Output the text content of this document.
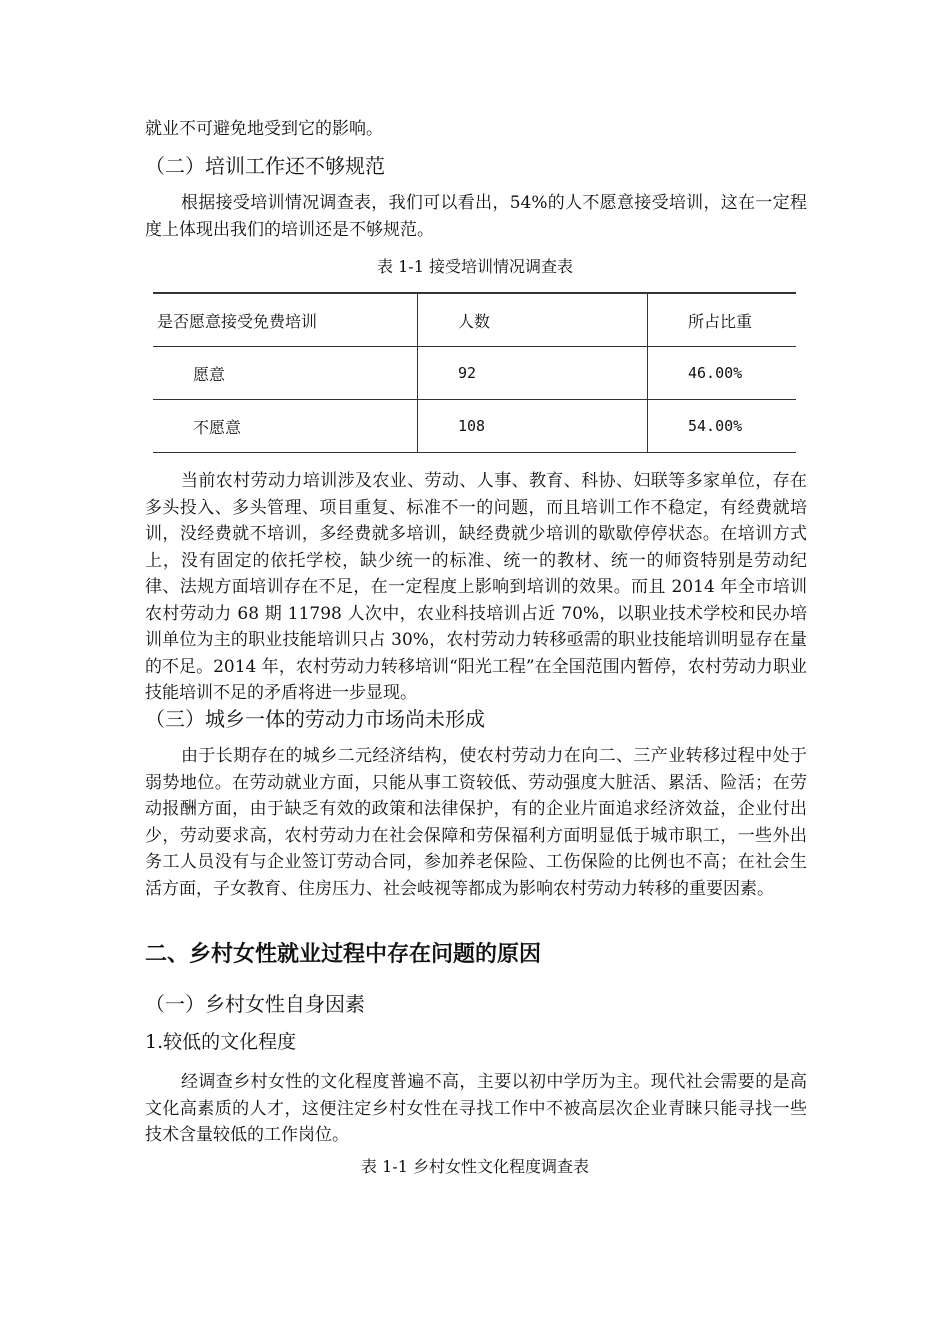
就业不可避免地受到它的影响。
（二）培训工作还不够规范
根据接受培训情况调查表，我们可以看出，54%的人不愿意接受培训，这在一定程度上体现出我们的培训还是不够规范。
表 1-1 接受培训情况调查表
是否愿意接受免费培训	人数	所占比重
愿意	92	46.00%
不愿意	108	54.00%
当前农村劳动力培训涉及农业、劳动、人事、教育、科协、妇联等多家单位，存在多头投入、多头管理、项目重复、标准不一的问题，而且培训工作不稳定，有经费就培训，没经费就不培训，多经费就多培训，缺经费就少培训的歇歇停停状态。在培训方式上，没有固定的依托学校，缺少统一的标准、统一的教材、统一的师资特别是劳动纪律、法规方面培训存在不足，在一定程度上影响到培训的效果。而且 2014 年全市培训农村劳动力 68 期 11798 人次中，农业科技培训占近 70%，以职业技术学校和民办培训单位为主的职业技能培训只占 30%，农村劳动力转移亟需的职业技能培训明显存在量的不足。2014 年，农村劳动力转移培训“阳光工程”在全国范围内暂停，农村劳动力职业技能培训不足的矛盾将进一步显现。
（三）城乡一体的劳动力市场尚未形成
由于长期存在的城乡二元经济结构，使农村劳动力在向二、三产业转移过程中处于弱势地位。在劳动就业方面，只能从事工资较低、劳动强度大脏活、累活、险活；在劳动报酬方面，由于缺乏有效的政策和法律保护，有的企业片面追求经济效益，企业付出少，劳动要求高，农村劳动力在社会保障和劳保福利方面明显低于城市职工，一些外出务工人员没有与企业签订劳动合同，参加养老保险、工伤保险的比例也不高；在社会生活方面，子女教育、住房压力、社会岐视等都成为影响农村劳动力转移的重要因素。
二、乡村女性就业过程中存在问题的原因
（一）乡村女性自身因素
1.较低的文化程度
经调查乡村女性的文化程度普遍不高，主要以初中学历为主。现代社会需要的是高文化高素质的人才，这便注定乡村女性在寻找工作中不被高层次企业青睐只能寻找一些技术含量较低的工作岗位。
表 1-1 乡村女性文化程度调查表
